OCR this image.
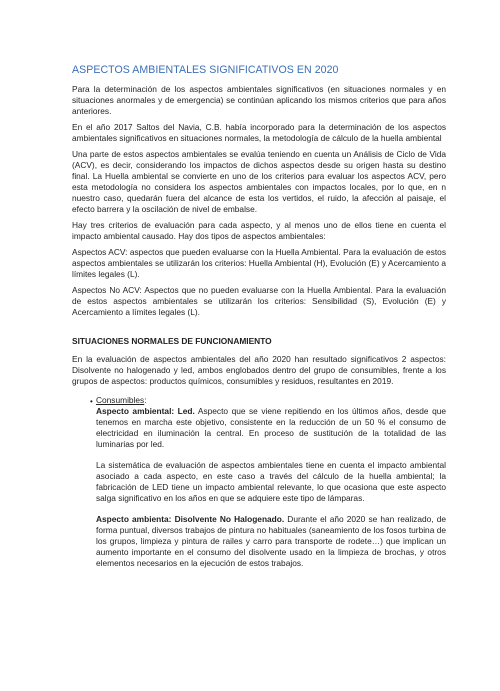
ASPECTOS AMBIENTALES SIGNIFICATIVOS EN 2020

Para la determinación de los aspectos ambientales significativos (en situaciones normales y en situaciones anormales y de emergencia) se continúan aplicando los mismos criterios que para años anteriores.

En el año 2017 Saltos del Navia, C.B. había incorporado para la determinación de los aspectos ambientales significativos en situaciones normales, la metodología de cálculo de la huella ambiental

Una parte de estos aspectos ambientales se evalúa teniendo en cuenta un Análisis de Ciclo de Vida (ACV), es decir, considerando los impactos de dichos aspectos desde su origen hasta su destino final. La Huella ambiental se convierte en uno de los criterios para evaluar los aspectos ACV, pero esta metodología no considera los aspectos ambientales con impactos locales, por lo que, en n nuestro caso, quedarán fuera del alcance de esta los vertidos, el ruido, la afección al paisaje, el efecto barrera y la oscilación de nivel de embalse.

Hay tres criterios de evaluación para cada aspecto, y al menos uno de ellos tiene en cuenta el impacto ambiental causado. Hay dos tipos de aspectos ambientales:

Aspectos ACV: aspectos que pueden evaluarse con la Huella Ambiental. Para la evaluación de estos aspectos ambientales se utilizarán los criterios: Huella Ambiental (H), Evolución (E) y Acercamiento a límites legales (L).

Aspectos No ACV: Aspectos que no pueden evaluarse con la Huella Ambiental. Para la evaluación de estos aspectos ambientales se utilizarán los criterios: Sensibilidad (S), Evolución (E) y Acercamiento a límites legales (L).

SITUACIONES NORMALES DE FUNCIONAMIENTO

En la evaluación de aspectos ambientales del año 2020 han resultado significativos 2 aspectos: Disolvente no halogenado y led, ambos englobados dentro del grupo de consumibles, frente a los grupos de aspectos: productos químicos, consumibles y residuos, resultantes en 2019.

• Consumibles:

Aspecto ambiental: Led. Aspecto que se viene repitiendo en los últimos años, desde que tenemos en marcha este objetivo, consistente en la reducción de un 50 % el consumo de electricidad en iluminación la central. En proceso de sustitución de la totalidad de las luminarias por led.

La sistemática de evaluación de aspectos ambientales tiene en cuenta el impacto ambiental asociado a cada aspecto, en este caso a través del cálculo de la huella ambiental; la fabricación de LED tiene un impacto ambiental relevante, lo que ocasiona que este aspecto salga significativo en los años en que se adquiere este tipo de lámparas.

Aspecto ambienta: Disolvente No Halogenado. Durante el año 2020 se han realizado, de forma puntual, diversos trabajos de pintura no habituales (saneamiento de los fosos turbina de los grupos, limpieza y pintura de railes y carro para transporte de rodete…) que implican un aumento importante en el consumo del disolvente usado en la limpieza de brochas, y otros elementos necesarios en la ejecución de estos trabajos.
